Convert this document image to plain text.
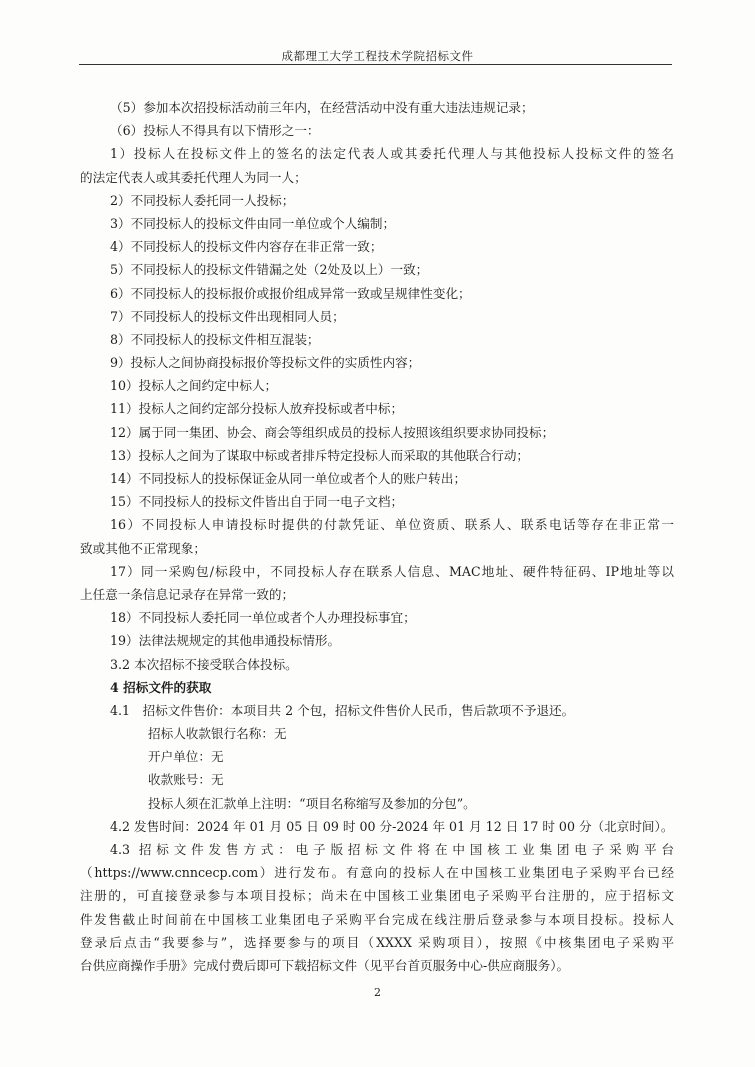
成都理工大学工程技术学院招标文件
（5）参加本次招投标活动前三年内，在经营活动中没有重大违法违规记录；
（6）投标人不得具有以下情形之一：
1）投标人在投标文件上的签名的法定代表人或其委托代理人与其他投标人投标文件的签名
的法定代表人或其委托代理人为同一人；
2）不同投标人委托同一人投标；
3）不同投标人的投标文件由同一单位或个人编制；
4）不同投标人的投标文件内容存在非正常一致；
5）不同投标人的投标文件错漏之处（2处及以上）一致；
6）不同投标人的投标报价或报价组成异常一致或呈规律性变化；
7）不同投标人的投标文件出现相同人员；
8）不同投标人的投标文件相互混装；
9）投标人之间协商投标报价等投标文件的实质性内容；
10）投标人之间约定中标人；
11）投标人之间约定部分投标人放弃投标或者中标；
12）属于同一集团、协会、商会等组织成员的投标人按照该组织要求协同投标；
13）投标人之间为了谋取中标或者排斥特定投标人而采取的其他联合行动；
14）不同投标人的投标保证金从同一单位或者个人的账户转出；
15）不同投标人的投标文件皆出自于同一电子文档；
16）不同投标人申请投标时提供的付款凭证、单位资质、联系人、联系电话等存在非正常一
致或其他不正常现象；
17）同一采购包/标段中，不同投标人存在联系人信息、MAC地址、硬件特征码、IP地址等以
上任意一条信息记录存在异常一致的；
18）不同投标人委托同一单位或者个人办理投标事宜；
19）法律法规规定的其他串通投标情形。
3.2 本次招标不接受联合体投标。
4 招标文件的获取
4.1　招标文件售价：本项目共 2 个包，招标文件售价人民币，售后款项不予退还。
招标人收款银行名称：无
开户单位：无
收款账号：无
投标人须在汇款单上注明：“项目名称缩写及参加的分包”。
4.2 发售时间：2024 年 01 月 05 日 09 时 00 分-2024 年 01 月 12 日 17 时 00 分（北京时间）。
4.3 招标文件发售方式：电子版招标文件将在中国核工业集团电子采购平台
（https://www.cnncecp.com）进行发布。有意向的投标人在中国核工业集团电子采购平台已经
注册的，可直接登录参与本项目投标；尚未在中国核工业集团电子采购平台注册的，应于招标文
件发售截止时间前在中国核工业集团电子采购平台完成在线注册后登录参与本项目投标。投标人
登录后点击“我要参与”，选择要参与的项目（XXXX 采购项目），按照《中核集团电子采购平
台供应商操作手册》完成付费后即可下载招标文件（见平台首页服务中心-供应商服务）。
2
